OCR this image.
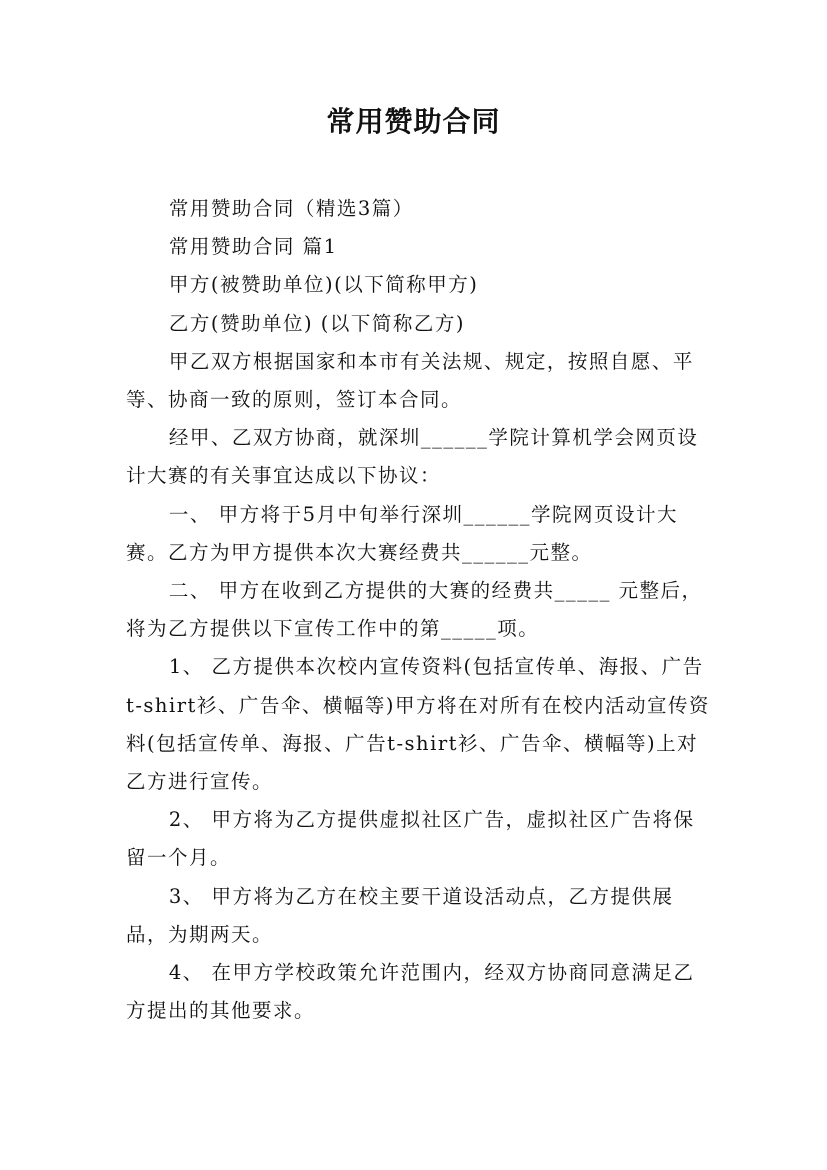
常用赞助合同

常用赞助合同（精选3篇）

常用赞助合同 篇1

甲方(被赞助单位)(以下简称甲方)

乙方(赞助单位) (以下简称乙方)

甲乙双方根据国家和本市有关法规、规定，按照自愿、平等、协商一致的原则，签订本合同。

经甲、乙双方协商，就深圳______学院计算机学会网页设计大赛的有关事宜达成以下协议：

一、 甲方将于5月中旬举行深圳______学院网页设计大赛。乙方为甲方提供本次大赛经费共______元整。

二、 甲方在收到乙方提供的大赛的经费共_____ 元整后，将为乙方提供以下宣传工作中的第_____项。

1、 乙方提供本次校内宣传资料(包括宣传单、海报、广告t-shirt衫、广告伞、横幅等)甲方将在对所有在校内活动宣传资料(包括宣传单、海报、广告t-shirt衫、广告伞、横幅等)上对乙方进行宣传。

2、 甲方将为乙方提供虚拟社区广告，虚拟社区广告将保留一个月。

3、 甲方将为乙方在校主要干道设活动点，乙方提供展品，为期两天。

4、 在甲方学校政策允许范围内，经双方协商同意满足乙方提出的其他要求。
